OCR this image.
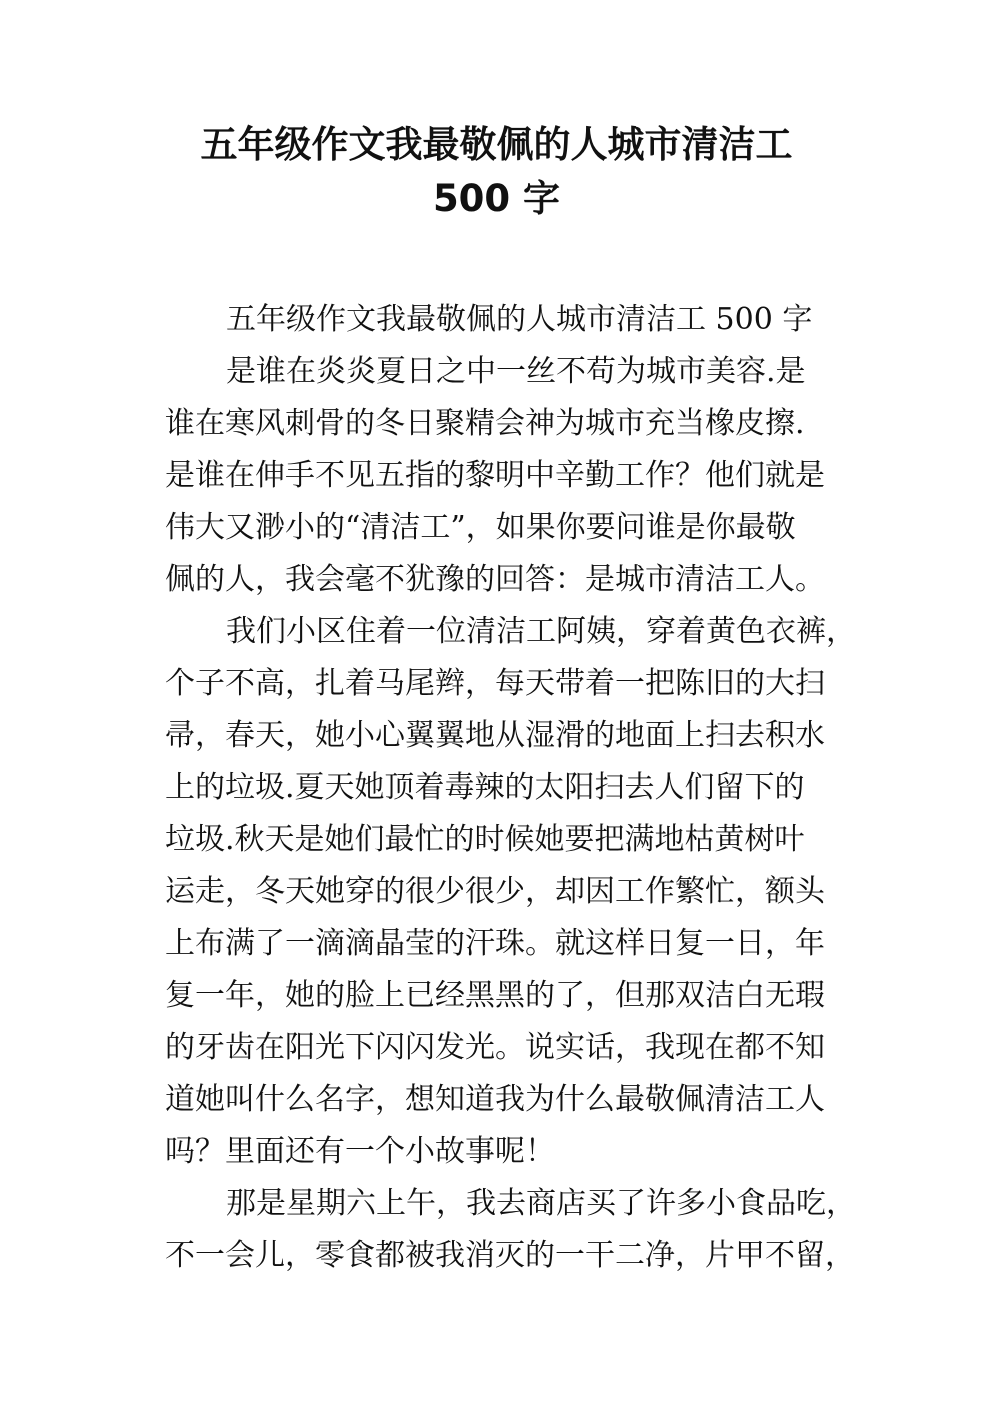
五年级作文我最敬佩的人城市清洁工
500 字
五年级作文我最敬佩的人城市清洁工 500 字
是谁在炎炎夏日之中一丝不苟为城市美容.是
谁在寒风刺骨的冬日聚精会神为城市充当橡皮擦.
是谁在伸手不见五指的黎明中辛勤工作？他们就是
伟大又渺小的“清洁工”，如果你要问谁是你最敬
佩的人，我会毫不犹豫的回答：是城市清洁工人。
我们小区住着一位清洁工阿姨，穿着黄色衣裤，
个子不高，扎着马尾辫，每天带着一把陈旧的大扫
帚，春天，她小心翼翼地从湿滑的地面上扫去积水
上的垃圾.夏天她顶着毒辣的太阳扫去人们留下的
垃圾.秋天是她们最忙的时候她要把满地枯黄树叶
运走，冬天她穿的很少很少，却因工作繁忙，额头
上布满了一滴滴晶莹的汗珠。就这样日复一日，年
复一年，她的脸上已经黑黑的了，但那双洁白无瑕
的牙齿在阳光下闪闪发光。说实话，我现在都不知
道她叫什么名字，想知道我为什么最敬佩清洁工人
吗？里面还有一个小故事呢！
那是星期六上午，我去商店买了许多小食品吃，
不一会儿，零食都被我消灭的一干二净，片甲不留，
